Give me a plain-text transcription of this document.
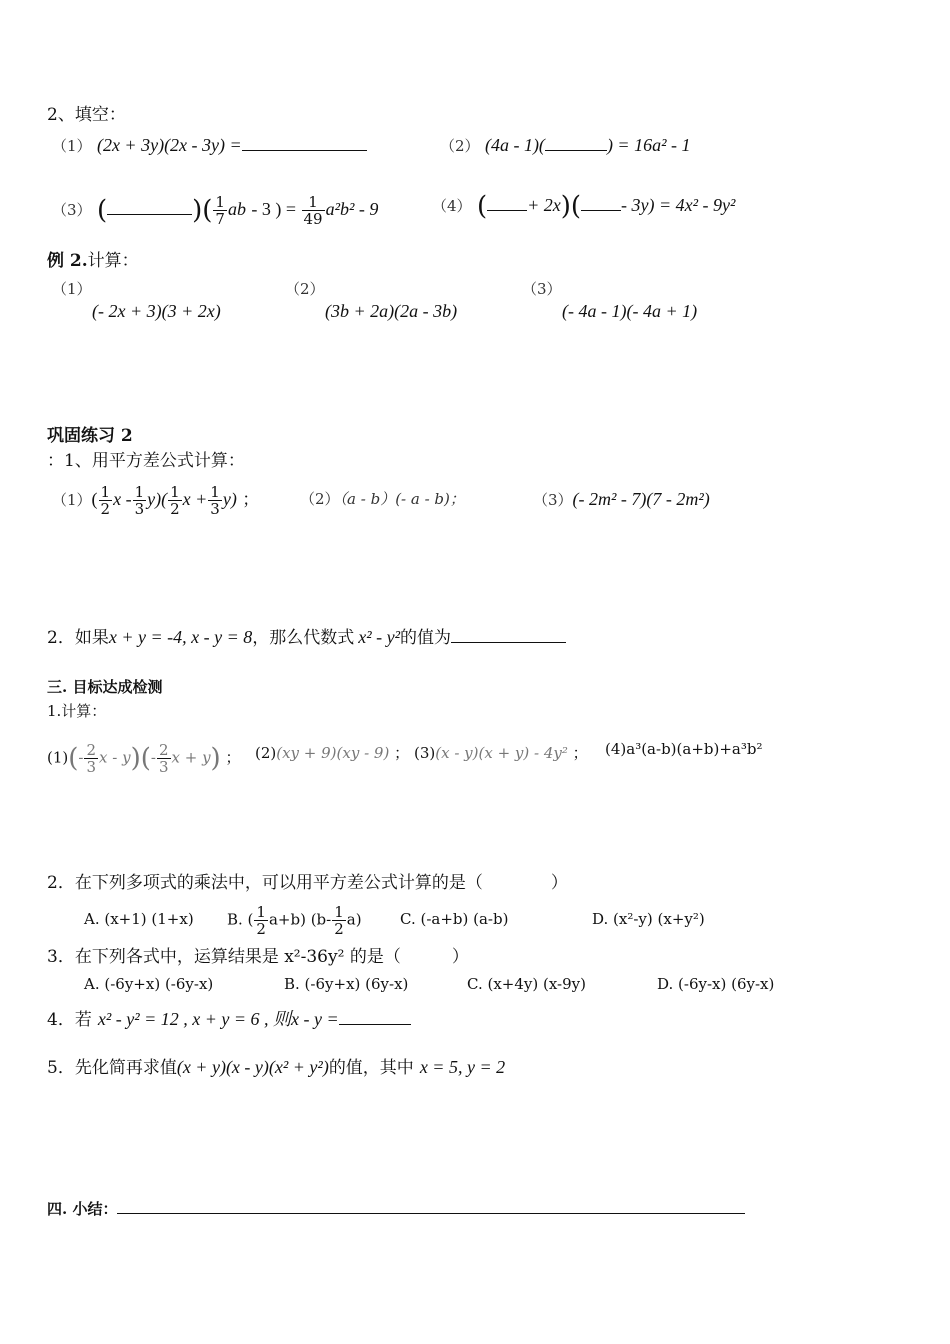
2、填空：
（1） (2x + 3y)(2x - 3y) =	（2） (4a - 1)(	) = 16a² - 1
（3） (	)( $\frac{1}{7}$ ab - 3 ) = $\frac{1}{49} a^2b^2 - 9$	（4） ( + 2x)( - 3y) = 4x² - 9y²
例 2.计算：
（1）
(- 2x + 3)(3 + 2x)
（2）
(3b + 2a)(2a - 3b)
（3）
(- 4a - 1)(- 4a + 1)
巩固练习 2
：1、用平方差公式计算：
$(1)( \frac{1}{2}$ x - $\frac{1}{3} y)( \frac{1}{2}$ $x + \frac{1}{3} y$) ；	（2）（a - b）(- a - b)；	（3）(- 2m² - 7)(7 - 2m²)
2．如果x + y = -4, x - y = 8，那么代数式 x² - y²的值为
三. 目标达成检测
1.计算：
$(1)(- \frac{2}{3}$ x - $y)(- \frac{2}{3}$ x + y) ； (2)(xy + 9)(xy - 9) ； (3)(x - y)(x + y) - 4y² ； (4)a³(a-b)(a+b)+a³b²
2．在下列多项式的乘法中，可以用平方差公式计算的是（　　　　）
A. (x+1) (1+x) B. ( $\frac{1}{2} a+b$) $(b- \frac{1}{2} a)$	C. (-a+b) (a-b)	D. (x²-y) (x+y²)
3．在下列各式中，运算结果是 x²-36y² 的是（　　　）
A. (-6y+x) (-6y-x)	B. (-6y+x) (6y-x)	C. (x+4y) (x-9y)	D. (-6y-x) (6y-x)
4．若 x² - y² = 12 , x + y = 6 , 则x - y =
5．先化简再求值(x + y)(x - y)(x² + y²)的值，其中 x = 5, y = 2
四. 小结：
